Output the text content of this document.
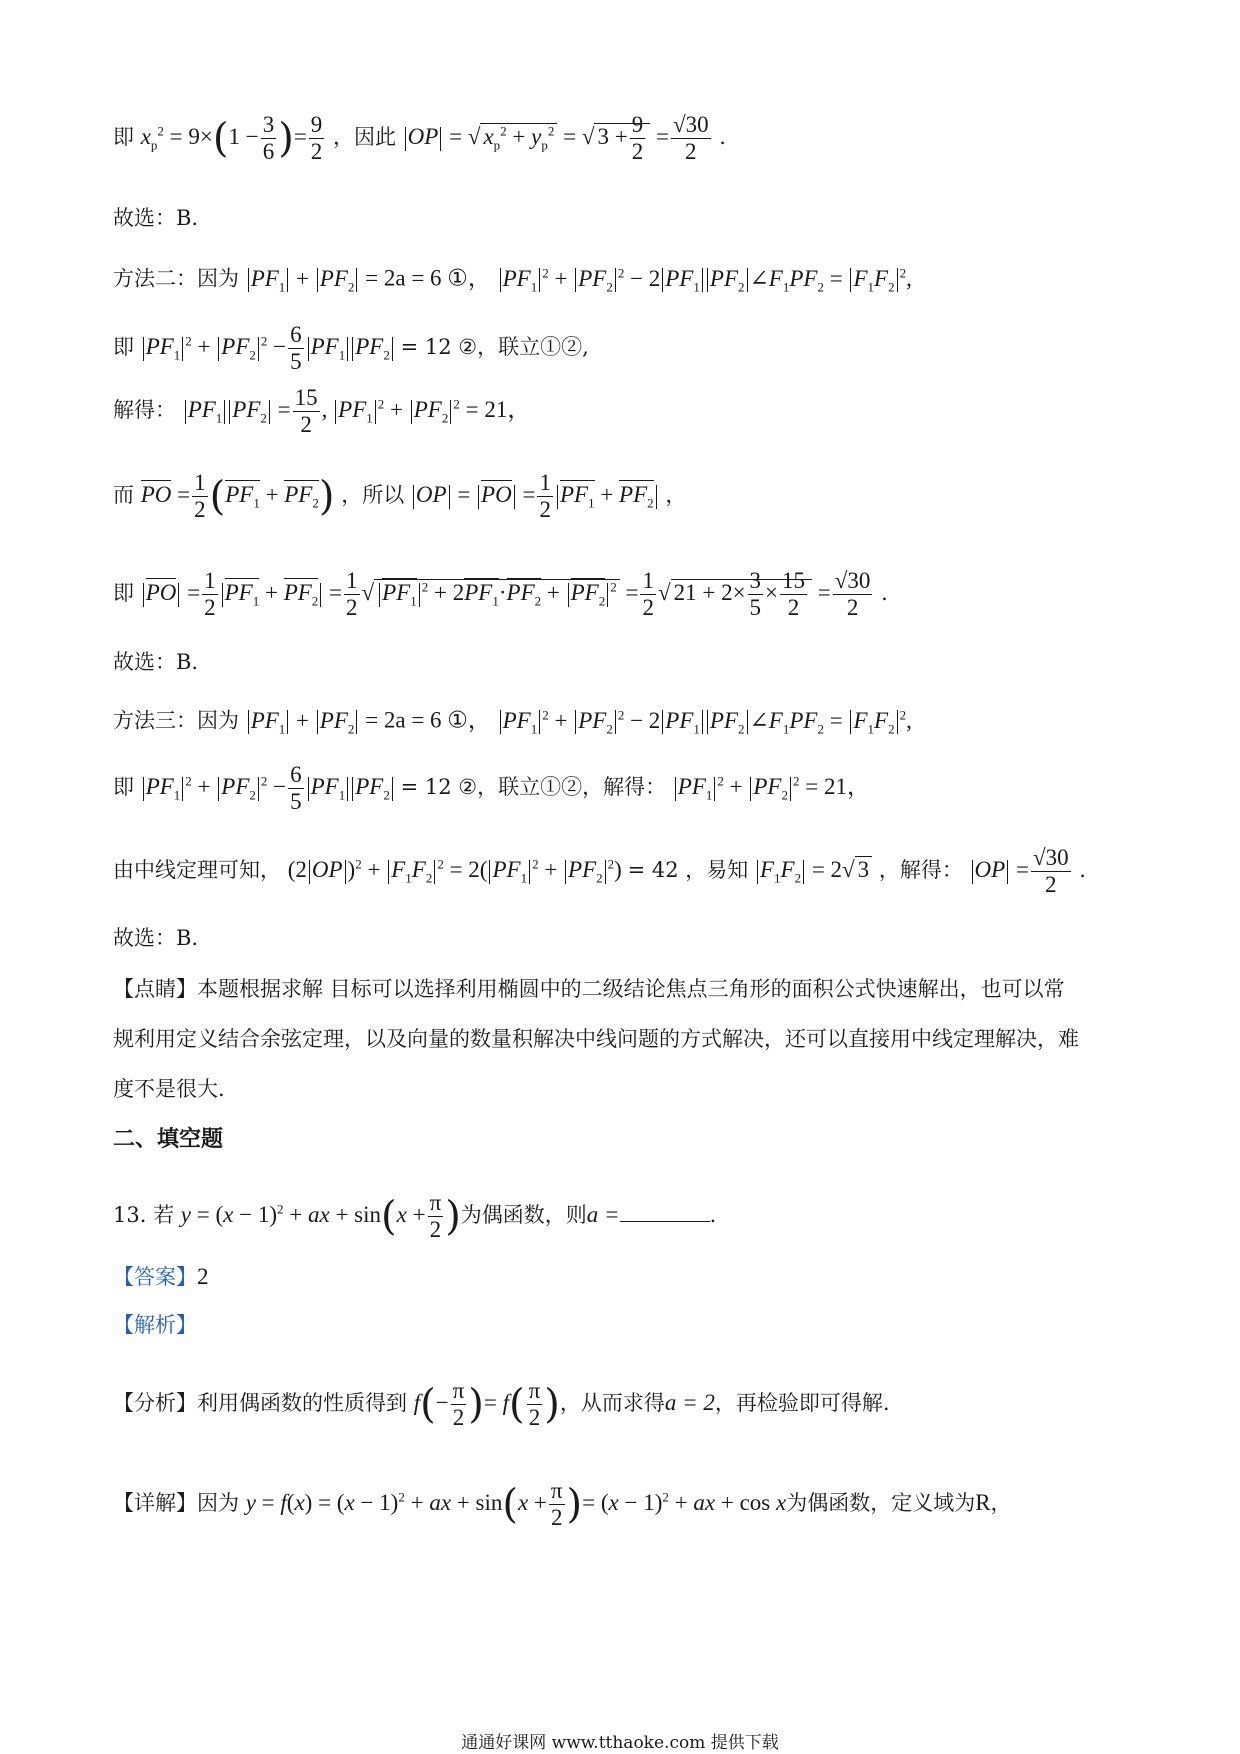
即 $x_p^2 = 9\times(1 - \frac{3}{6}$ )= $\frac{9}{2}$ ，因此 OP = √ $x_p^2 + y_p^2$ = √ $3 + \frac{9}{2} = \frac{√30}{2}$ .
故选：B.
方法二：因为 $PF_1 + PF_2 = 2a = 6$ ①， $PF_1^2 + PF_2^2 - 2$ $PF_1$ $PF_2$ $\angle F_1PF_2 = F_1F_2^2$,
即 $PF_1^2 + PF_2^2 - \frac{6}{5} PF_1$ $PF_2 = 12$ ②，联立①②,
解得： $PF_1$ $PF_2 = \frac{15}{2}$ , $PF_1^2 + PF_2^2 = 21$，
而 PO = $\frac{1}{2} (PF_1 + PF_2)$ ，所以 OP = PO = $\frac{1}{2} PF_1 + PF_2$ ，
即 PO = $\frac{1}{2} PF_1 + PF_2 = \frac{1}{2}$ √ $PF_1^2 + 2PF_1\cdot PF_2 + PF_2^2 = \frac{1}{2}$ √ $21 + 2\times \frac{3}{5} \times \frac{15}{2} = \frac{√30}{2}$ .
故选：B.
方法三：因为 $PF_1 + PF_2 = 2a = 6$ ①， $PF_1^2 + PF_2^2 - 2$ $PF_1$ $PF_2$ $\angle F_1PF_2 = F_1F_2^2$,
即 $PF_1^2 + PF_2^2 - \frac{6}{5} PF_1$ $PF_2 = 12$ ②，联立①②，解得： $PF_1^2 + PF_2^2 = 21$，
由中线定理可知， (2 OP )$^2 + F_1F_2^2 = 2$( $PF_1^2 + PF_2^2) = 42$ ，易知 $F_1F_2 = 2√$ 3 ，解得： OP = $\frac{√30}{2}$ .
故选：B.
【点睛】本题根据求解 目标可以选择利用椭圆中的二级结论焦点三角形的面积公式快速解出，也可以常
规利用定义结合余弦定理，以及向量的数量积解决中线问题的方式解决，还可以直接用中线定理解决，难
度不是很大.
二、填空题
13. 若 $y = (x - 1)^2$ + ax + $\sin(x + \frac{\pi}{2}$ )为偶函数，则a =	.
【答案】2
【解析】
【分析】利用偶函数的性质得到 $f(- \frac{\pi}{2}$ )= $f( \frac{\pi}{2}$ )，从而求得a = 2，再检验即可得解.
【详解】因为 $y = f(x) = (x - 1)^2$ + ax + $\sin(x + \frac{\pi}{2}$ )= $(x - 1)^2$ + ax + cos x为偶函数，定义域为R，
通通好课网 www.tthaoke.com 提供下载
